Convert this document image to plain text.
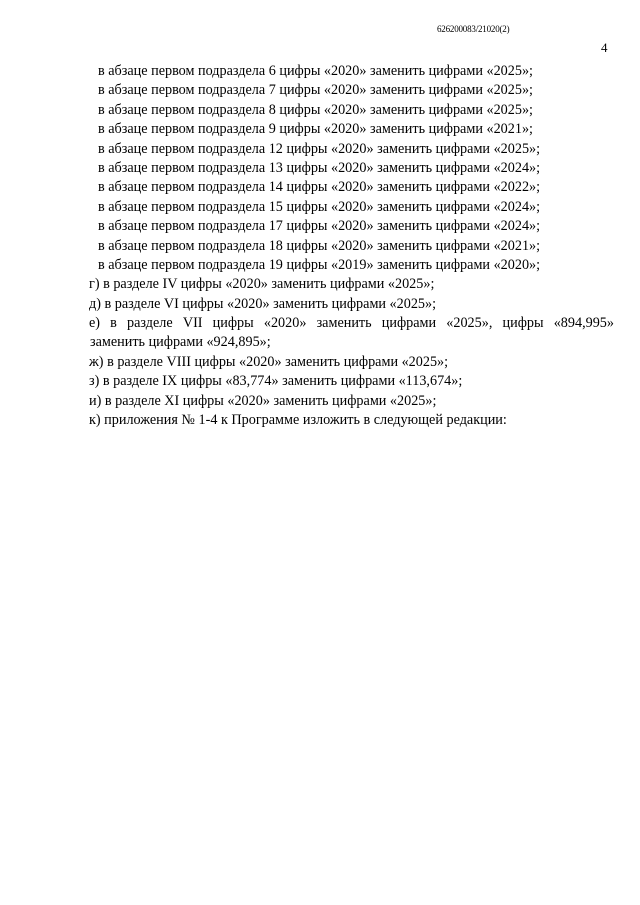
626200083/21020(2)
4
в абзаце первом подраздела 6 цифры «2020» заменить цифрами «2025»;
в абзаце первом подраздела 7 цифры «2020» заменить цифрами «2025»;
в абзаце первом подраздела 8 цифры «2020» заменить цифрами «2025»;
в абзаце первом подраздела 9 цифры «2020» заменить цифрами «2021»;
в абзаце первом подраздела 12 цифры «2020» заменить цифрами «2025»;
в абзаце первом подраздела 13 цифры «2020» заменить цифрами «2024»;
в абзаце первом подраздела 14 цифры «2020» заменить цифрами «2022»;
в абзаце первом подраздела 15 цифры «2020» заменить цифрами «2024»;
в абзаце первом подраздела 17 цифры «2020» заменить цифрами «2024»;
в абзаце первом подраздела 18 цифры «2020» заменить цифрами «2021»;
в абзаце первом подраздела 19 цифры «2019» заменить цифрами «2020»;
г) в разделе IV цифры «2020» заменить цифрами «2025»;
д) в разделе VI цифры «2020» заменить цифрами «2025»;
е) в разделе VII цифры «2020» заменить цифрами «2025», цифры «894,995»
заменить цифрами «924,895»;
ж) в разделе VIII цифры «2020» заменить цифрами «2025»;
з) в разделе IX цифры «83,774» заменить цифрами «113,674»;
и) в разделе XI цифры «2020» заменить цифрами «2025»;
к) приложения № 1-4 к Программе изложить в следующей редакции:
